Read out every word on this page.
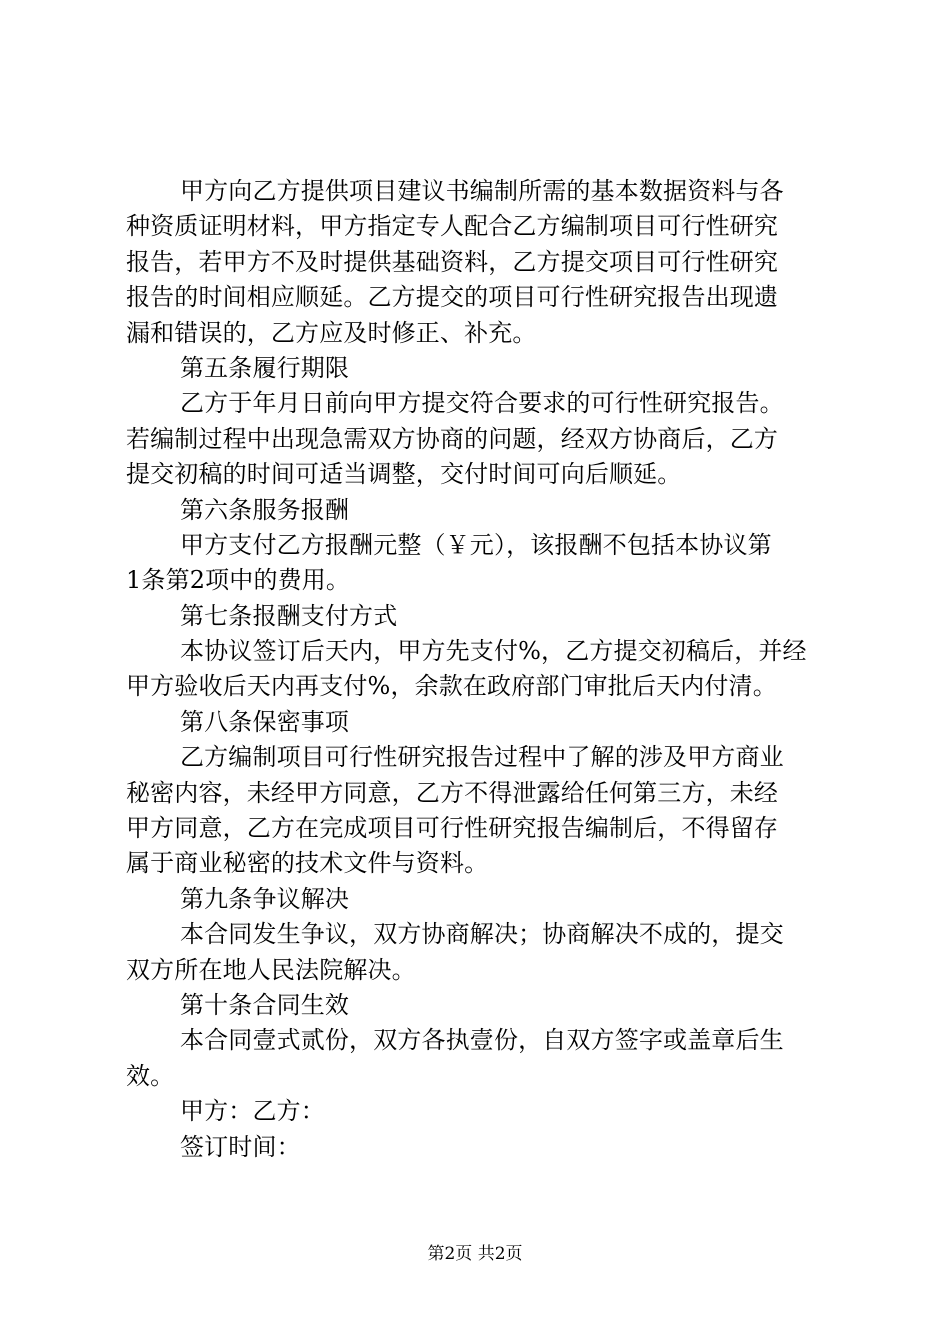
甲方向乙方提供项目建议书编制所需的基本数据资料与各
种资质证明材料，甲方指定专人配合乙方编制项目可行性研究
报告，若甲方不及时提供基础资料，乙方提交项目可行性研究
报告的时间相应顺延。乙方提交的项目可行性研究报告出现遗
漏和错误的，乙方应及时修正、补充。
第五条履行期限
乙方于年月日前向甲方提交符合要求的可行性研究报告。
若编制过程中出现急需双方协商的问题，经双方协商后，乙方
提交初稿的时间可适当调整，交付时间可向后顺延。
第六条服务报酬
甲方支付乙方报酬元整（￥元），该报酬不包括本协议第
1条第2项中的费用。
第七条报酬支付方式
本协议签订后天内，甲方先支付%，乙方提交初稿后，并经
甲方验收后天内再支付%，余款在政府部门审批后天内付清。
第八条保密事项
乙方编制项目可行性研究报告过程中了解的涉及甲方商业
秘密内容，未经甲方同意，乙方不得泄露给任何第三方，未经
甲方同意，乙方在完成项目可行性研究报告编制后，不得留存
属于商业秘密的技术文件与资料。
第九条争议解决
本合同发生争议，双方协商解决；协商解决不成的，提交
双方所在地人民法院解决。
第十条合同生效
本合同壹式贰份，双方各执壹份，自双方签字或盖章后生
效。
甲方：乙方：
签订时间：
第2页 共2页
